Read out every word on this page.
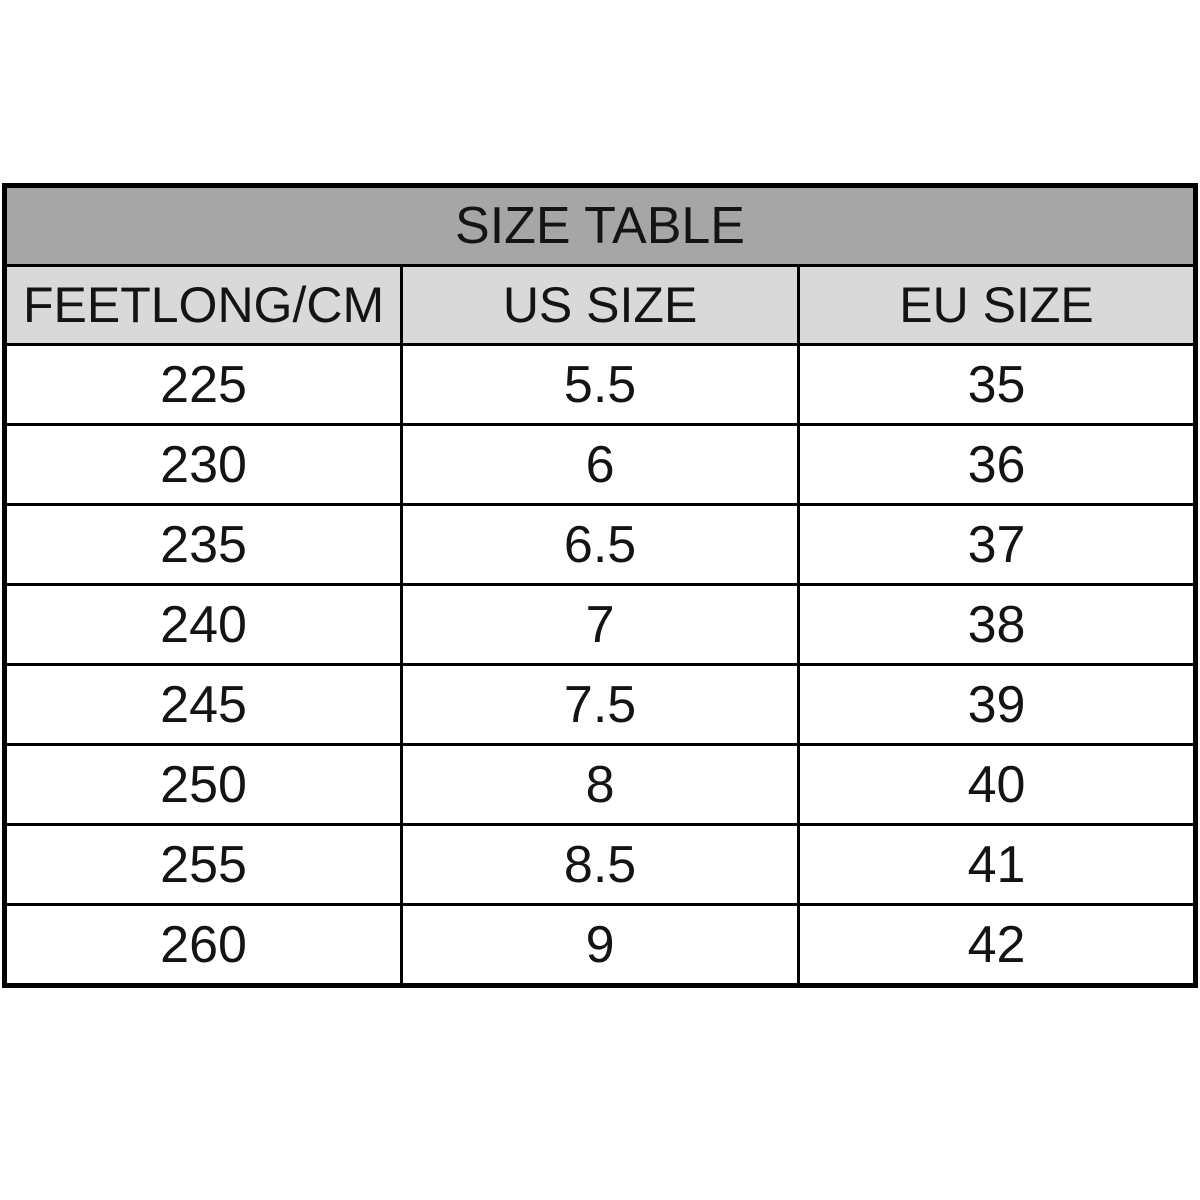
SIZE TABLE		
FEETLONG/CM	US SIZE	EU SIZE
225	5.5	35
230	6	36
235	6.5	37
240	7	38
245	7.5	39
250	8	40
255	8.5	41
260	9	42
